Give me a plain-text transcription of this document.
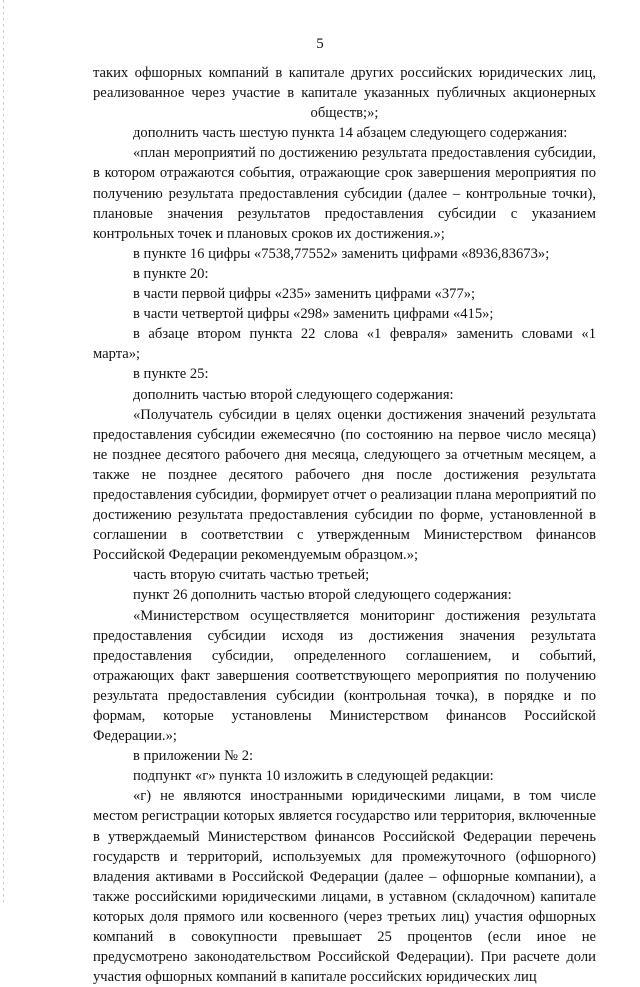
5

таких офшорных компаний в капитале других российских юридических лиц, реализованное через участие в капитале указанных публичных акционерных обществ;»;

дополнить часть шестую пункта 14 абзацем следующего содержания:

«план мероприятий по достижению результата предоставления субсидии, в котором отражаются события, отражающие срок завершения мероприятия по получению результата предоставления субсидии (далее – контрольные точки), плановые значения результатов предоставления субсидии с указанием контрольных точек и плановых сроков их достижения.»;

в пункте 16 цифры «7538,77552» заменить цифрами «8936,83673»;

в пункте 20:

в части первой цифры «235» заменить цифрами «377»;

в части четвертой цифры «298» заменить цифрами «415»;

в абзаце втором пункта 22 слова «1 февраля» заменить словами «1 марта»;

в пункте 25:

дополнить частью второй следующего содержания:

«Получатель субсидии в целях оценки достижения значений результата предоставления субсидии ежемесячно (по состоянию на первое число месяца) не позднее десятого рабочего дня месяца, следующего за отчетным месяцем, а также не позднее десятого рабочего дня после достижения результата предоставления субсидии, формирует отчет о реализации плана мероприятий по достижению результата предоставления субсидии по форме, установленной в соглашении в соответствии с утвержденным Министерством финансов Российской Федерации рекомендуемым образцом.»;

часть вторую считать частью третьей;

пункт 26 дополнить частью второй следующего содержания:

«Министерством осуществляется мониторинг достижения результата предоставления субсидии исходя из достижения значения результата предоставления субсидии, определенного соглашением, и событий, отражающих факт завершения соответствующего мероприятия по получению результата предоставления субсидии (контрольная точка), в порядке и по формам, которые установлены Министерством финансов Российской Федерации.»;

в приложении № 2:

подпункт «г» пункта 10 изложить в следующей редакции:

«г) не являются иностранными юридическими лицами, в том числе местом регистрации которых является государство или территория, включенные в утверждаемый Министерством финансов Российской Федерации перечень государств и территорий, используемых для промежуточного (офшорного) владения активами в Российской Федерации (далее – офшорные компании), а также российскими юридическими лицами, в уставном (складочном) капитале которых доля прямого или косвенного (через третьих лиц) участия офшорных компаний в совокупности превышает 25 процентов (если иное не предусмотрено законодательством Российской Федерации). При расчете доли участия офшорных компаний в капитале российских юридических лиц
